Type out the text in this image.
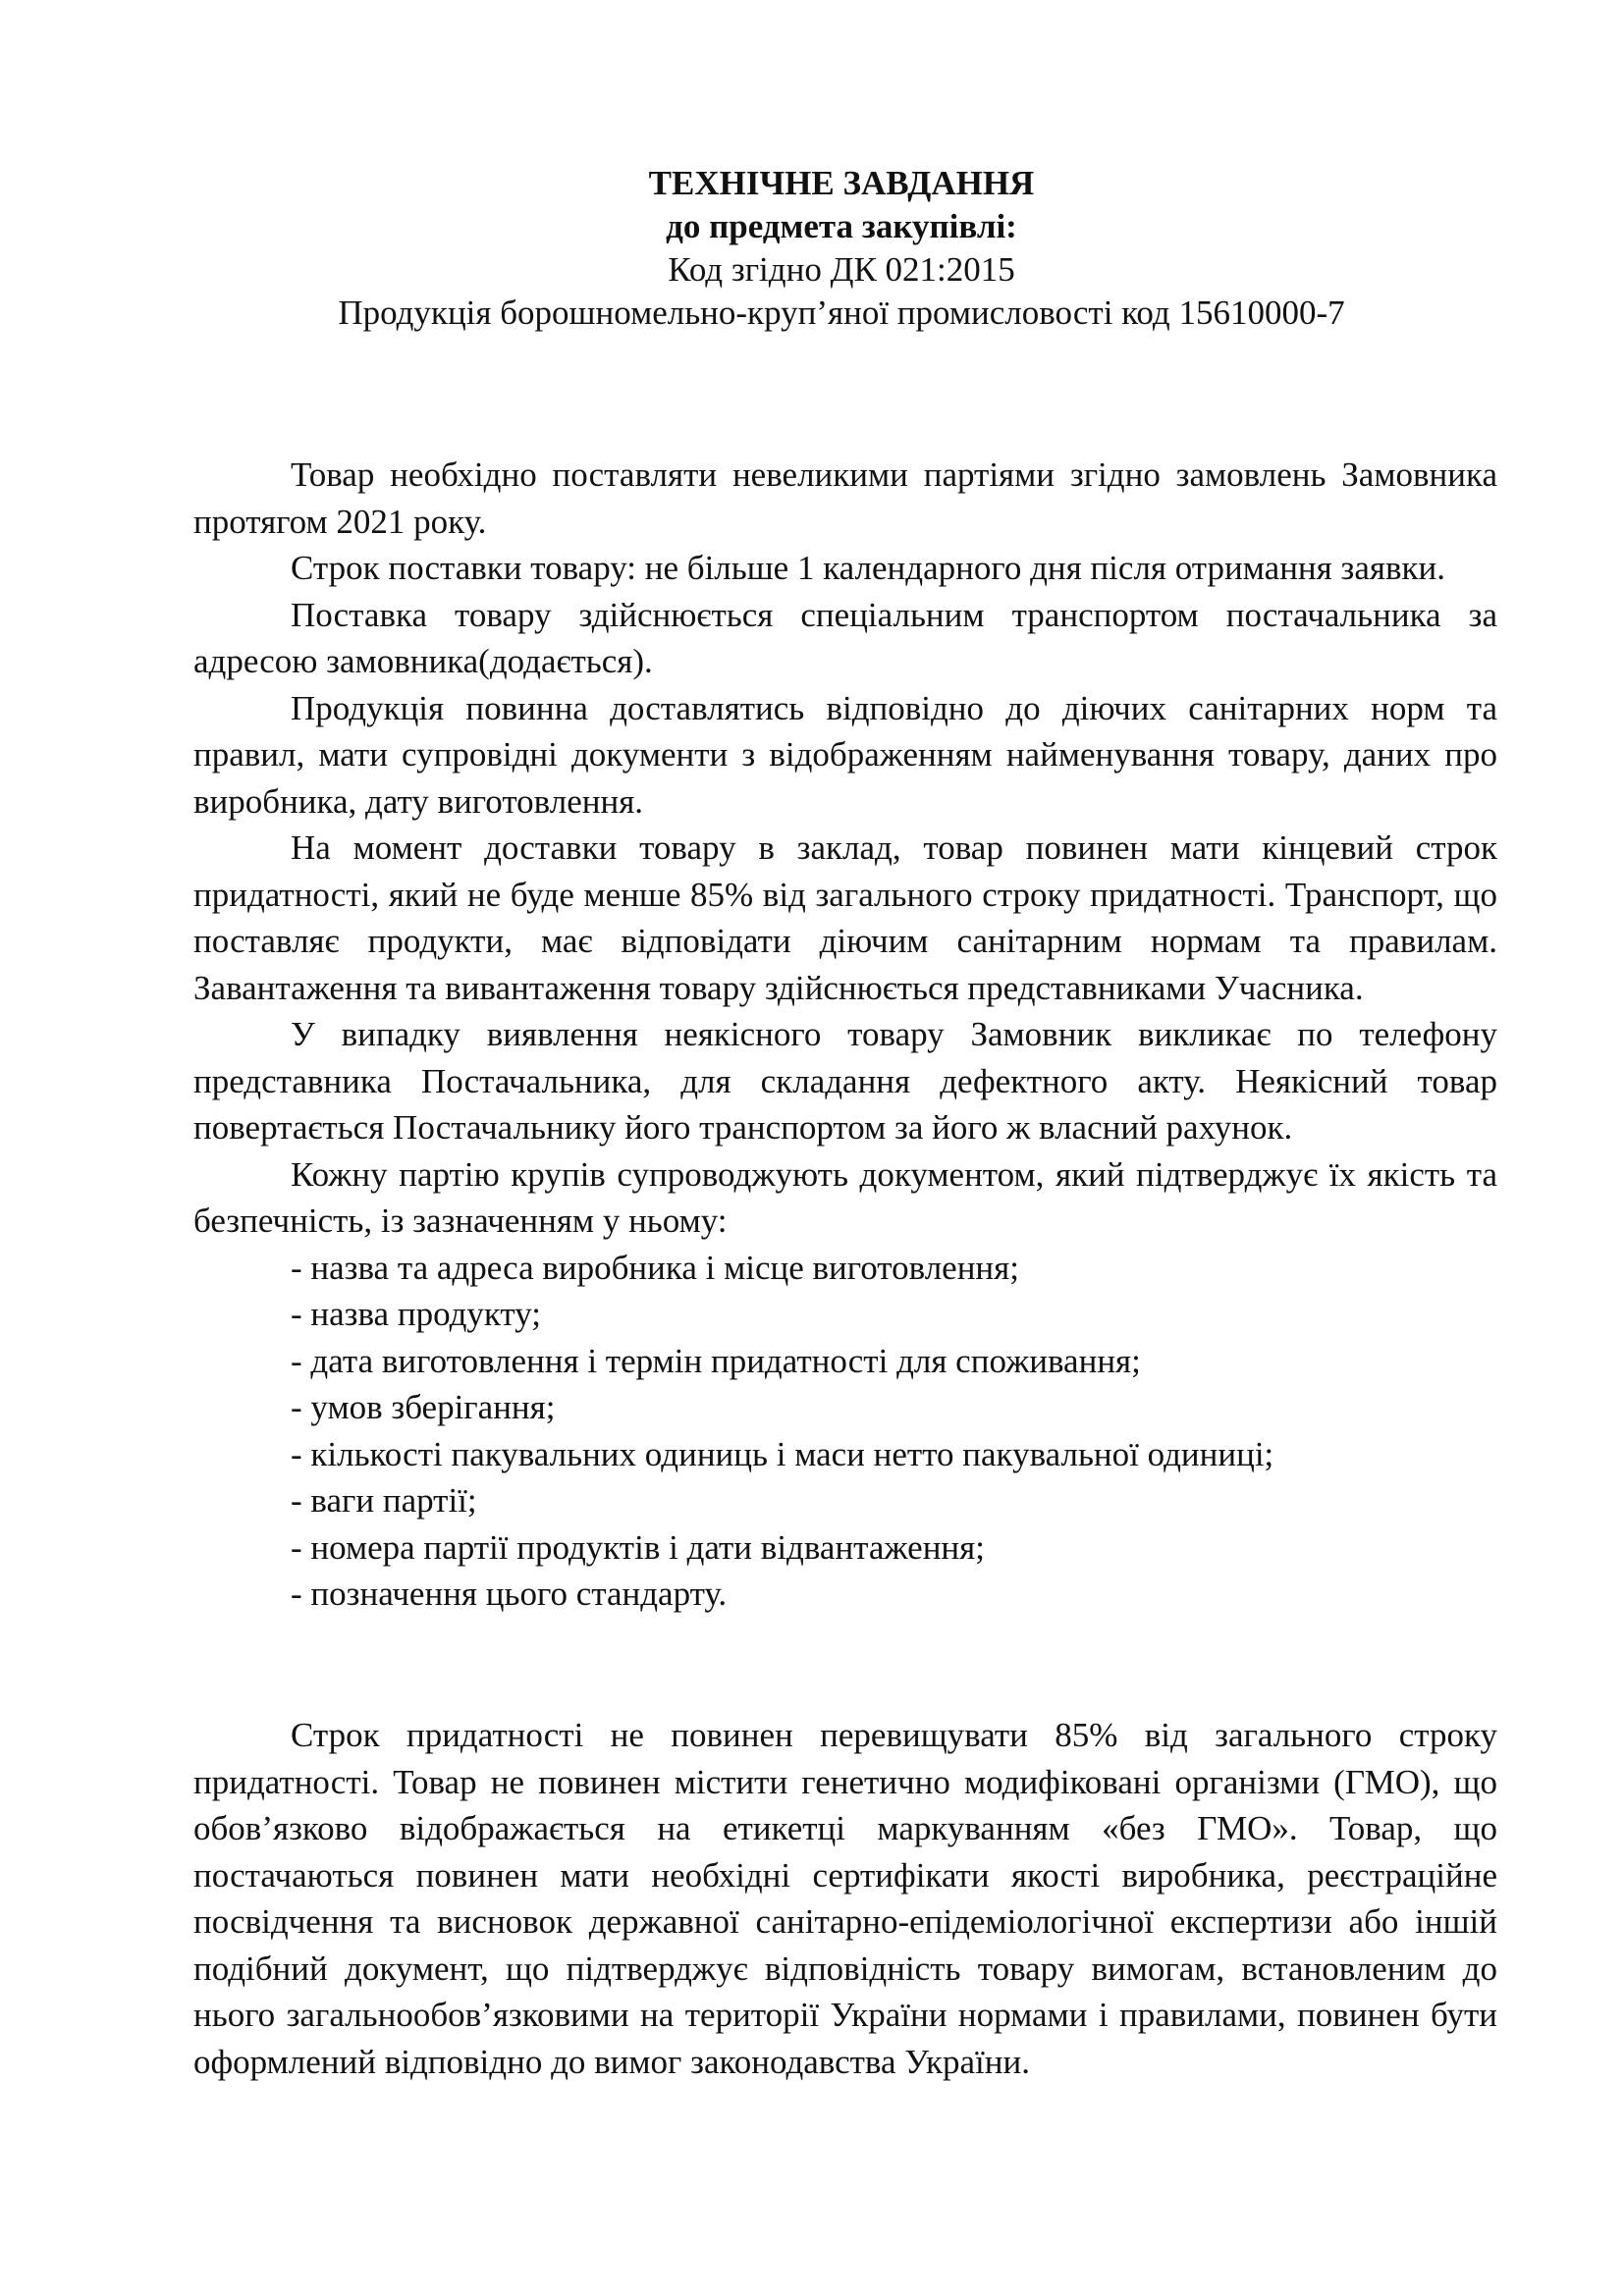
ТЕХНІЧНЕ ЗАВДАННЯ
до предмета закупівлі:
Код згідно ДК 021:2015
Продукція борошномельно-круп’яної промисловості код 15610000-7

Товар необхідно поставляти невеликими партіями згідно замовлень Замовника протягом 2021 року.

Строк поставки товару: не більше 1 календарного дня після отримання заявки.

Поставка товару здійснюється спеціальним транспортом постачальника за адресою замовника(додається).

Продукція повинна доставлятись відповідно до діючих санітарних норм та правил, мати супровідні документи з відображенням найменування товару, даних про виробника, дату виготовлення.

На момент доставки товару в заклад, товар повинен мати кінцевий строк придатності, який не буде менше 85% від загального строку придатності. Транспорт, що поставляє продукти, має відповідати діючим санітарним нормам та правилам. Завантаження та вивантаження товару здійснюється представниками Учасника.

У випадку виявлення неякісного товару Замовник викликає по телефону представника Постачальника, для складання дефектного акту. Неякісний товар повертається Постачальнику його транспортом за його ж власний рахунок.

Кожну партію крупів супроводжують документом, який підтверджує їх якість та безпечність, із зазначенням у ньому:

- назва та адреса виробника і місце виготовлення;
- назва продукту;
- дата виготовлення і термін придатності для споживання;
- умов зберігання;
- кількості пакувальних одиниць і маси нетто пакувальної одиниці;
- ваги партії;
- номера партії продуктів і дати відвантаження;
- позначення цього стандарту.

Строк придатності не повинен перевищувати 85% від загального строку придатності. Товар не повинен містити генетично модифіковані організми (ГМО), що обов’язково відображається на етикетці маркуванням «без ГМО». Товар, що постачаються повинен мати необхідні сертифікати якості виробника, реєстраційне посвідчення та висновок державної санітарно-епідеміологічної експертизи або іншій подібний документ, що підтверджує відповідність товару вимогам, встановленим до нього загальнообов’язковими на території України нормами і правилами, повинен бути оформлений відповідно до вимог законодавства України.
